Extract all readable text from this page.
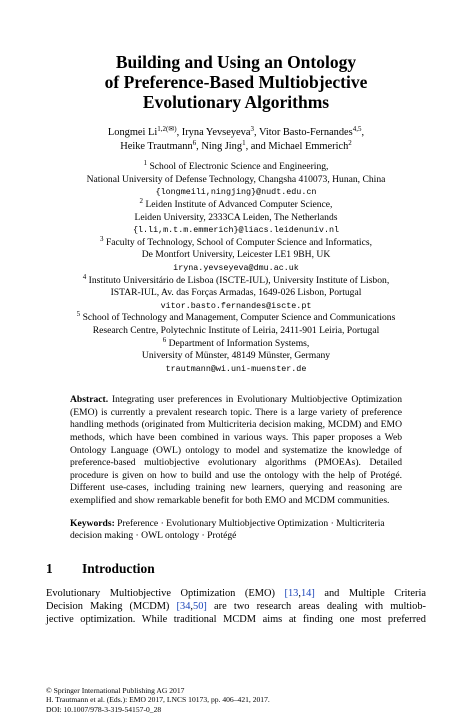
Building and Using an Ontology
of Preference-Based Multiobjective
Evolutionary Algorithms
Longmei $Li^{1,2(✉)}$, Iryna Yevseyeva$^3$, Vitor Basto-Fernandes$^{4,5}$,
Heike Trautmann$^6$, Ning Jing$^1$, and Michael Emmerich$^2$
$^1$ School of Electronic Science and Engineering,
National University of Defense Technology, Changsha 410073, Hunan, China
{longmeili,ningjing}@nudt.edu.cn
$^2$ Leiden Institute of Advanced Computer Science,
Leiden University, 2333CA Leiden, The Netherlands
{l.li,m.t.m.emmerich}@liacs.leidenuniv.nl
$^3$ Faculty of Technology, School of Computer Science and Informatics,
De Montfort University, Leicester LE1 9BH, UK
iryna.yevseyeva@dmu.ac.uk
$^4$ Instituto Universitário de Lisboa (ISCTE-IUL), University Institute of Lisbon,
ISTAR-IUL, Av. das Forças Armadas, 1649-026 Lisbon, Portugal
vitor.basto.fernandes@iscte.pt
$^5$ School of Technology and Management, Computer Science and Communications
Research Centre, Polytechnic Institute of Leiria, 2411-901 Leiria, Portugal
$^6$ Department of Information Systems,
University of Münster, 48149 Münster, Germany
trautmann@wi.uni-muenster.de
Abstract. Integrating user preferences in Evolutionary Multiobjective Optimization (EMO) is currently a prevalent research topic. There is a large variety of preference handling methods (originated from Multicriteria decision making, MCDM) and EMO methods, which have been combined in various ways. This paper proposes a Web Ontology Language (OWL) ontology to model and systematize the knowledge of preference-based multiobjective evolutionary algorithms (PMOEAs). Detailed procedure is given on how to build and use the ontology with the help of Protégé. Different use-cases, including training new learners, querying and reasoning are exemplified and show remarkable benefit for both EMO and MCDM communities.
Keywords: Preference · Evolutionary Multiobjective Optimization · Multicriteria decision making · OWL ontology · Protégé
1	Introduction
Evolutionary Multiobjective Optimization (EMO) [13,14] and Multiple Criteria
Decision Making (MCDM) [34,50] are two research areas dealing with multiob-
jective optimization. While traditional MCDM aims at finding one most preferred
© Springer International Publishing AG 2017
H. Trautmann et al. (Eds.): EMO 2017, LNCS 10173, pp. 406–421, 2017.
DOI: 10.1007/978-3-319-54157-0_28
